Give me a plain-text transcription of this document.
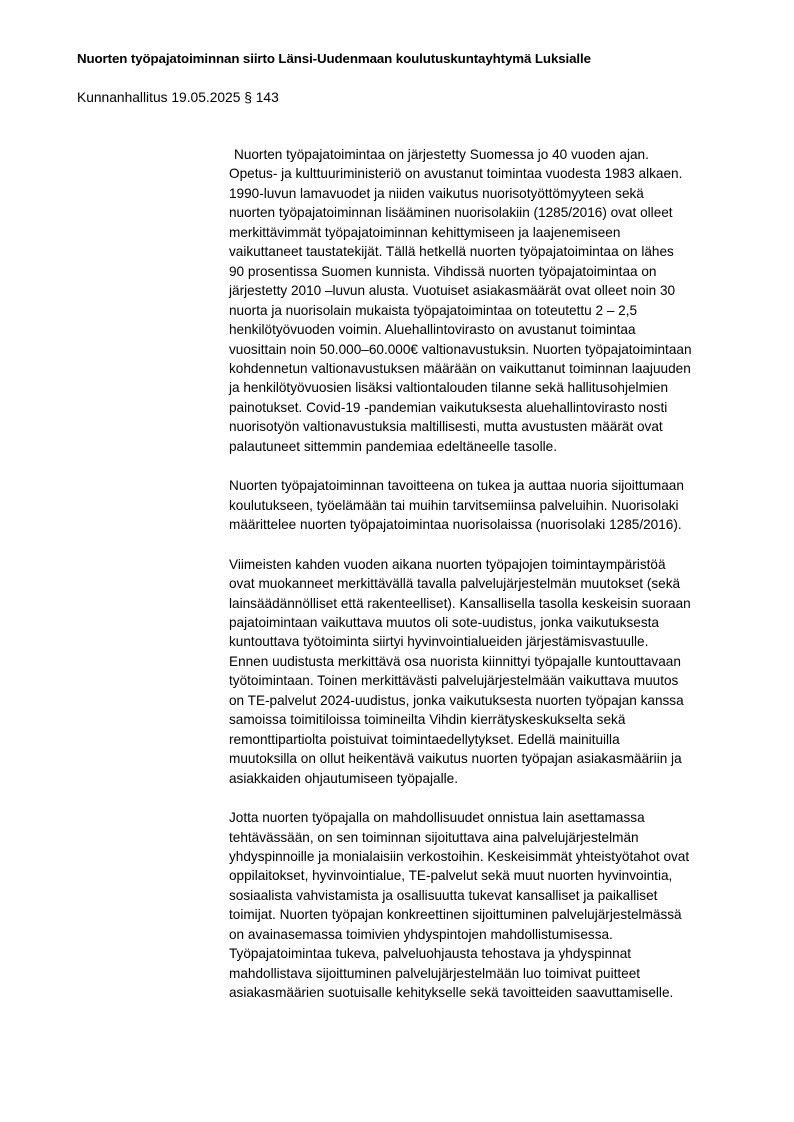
Nuorten työpajatoiminnan siirto Länsi-Uudenmaan koulutuskuntayhtymä Luksialle
Kunnanhallitus 19.05.2025 § 143
Nuorten työpajatoimintaa on järjestetty Suomessa jo 40 vuoden ajan.
Opetus- ja kulttuuriministeriö on avustanut toimintaa vuodesta 1983 alkaen.
1990-luvun lamavuodet ja niiden vaikutus nuorisotyöttömyyteen sekä
nuorten työpajatoiminnan lisääminen nuorisolakiin (1285/2016) ovat olleet
merkittävimmät työpajatoiminnan kehittymiseen ja laajenemiseen
vaikuttaneet taustatekijät. Tällä hetkellä nuorten työpajatoimintaa on lähes
90 prosentissa Suomen kunnista. Vihdissä nuorten työpajatoimintaa on
järjestetty 2010 –luvun alusta. Vuotuiset asiakasmäärät ovat olleet noin 30
nuorta ja nuorisolain mukaista työpajatoimintaa on toteutettu 2 – 2,5
henkilötyövuoden voimin. Aluehallintovirasto on avustanut toimintaa
vuosittain noin 50.000–60.000€ valtionavustuksin. Nuorten työpajatoimintaan
kohdennetun valtionavustuksen määrään on vaikuttanut toiminnan laajuuden
ja henkilötyövuosien lisäksi valtiontalouden tilanne sekä hallitusohjelmien
painotukset. Covid-19 -pandemian vaikutuksesta aluehallintovirasto nosti
nuorisotyön valtionavustuksia maltillisesti, mutta avustusten määrät ovat
palautuneet sittemmin pandemiaa edeltäneelle tasolle.
Nuorten työpajatoiminnan tavoitteena on tukea ja auttaa nuoria sijoittumaan
koulutukseen, työelämään tai muihin tarvitsemiinsa palveluihin. Nuorisolaki
määrittelee nuorten työpajatoimintaa nuorisolaissa (nuorisolaki 1285/2016).
Viimeisten kahden vuoden aikana nuorten työpajojen toimintaympäristöä
ovat muokanneet merkittävällä tavalla palvelujärjestelmän muutokset (sekä
lainsäädännölliset että rakenteelliset). Kansallisella tasolla keskeisin suoraan
pajatoimintaan vaikuttava muutos oli sote-uudistus, jonka vaikutuksesta
kuntouttava työtoiminta siirtyi hyvinvointialueiden järjestämisvastuulle.
Ennen uudistusta merkittävä osa nuorista kiinnittyi työpajalle kuntouttavaan
työtoimintaan. Toinen merkittävästi palvelujärjestelmään vaikuttava muutos
on TE-palvelut 2024-uudistus, jonka vaikutuksesta nuorten työpajan kanssa
samoissa toimitiloissa toimineilta Vihdin kierrätyskeskukselta sekä
remonttipartiolta poistuivat toimintaedellytykset. Edellä mainituilla
muutoksilla on ollut heikentävä vaikutus nuorten työpajan asiakasmääriin ja
asiakkaiden ohjautumiseen työpajalle.
Jotta nuorten työpajalla on mahdollisuudet onnistua lain asettamassa
tehtävässään, on sen toiminnan sijoituttava aina palvelujärjestelmän
yhdyspinnoille ja monialaisiin verkostoihin. Keskeisimmät yhteistyötahot ovat
oppilaitokset, hyvinvointialue, TE-palvelut sekä muut nuorten hyvinvointia,
sosiaalista vahvistamista ja osallisuutta tukevat kansalliset ja paikalliset
toimijat. Nuorten työpajan konkreettinen sijoittuminen palvelujärjestelmässä
on avainasemassa toimivien yhdyspintojen mahdollistumisessa.
Työpajatoimintaa tukeva, palveluohjausta tehostava ja yhdyspinnat
mahdollistava sijoittuminen palvelujärjestelmään luo toimivat puitteet
asiakasmäärien suotuisalle kehitykselle sekä tavoitteiden saavuttamiselle.
